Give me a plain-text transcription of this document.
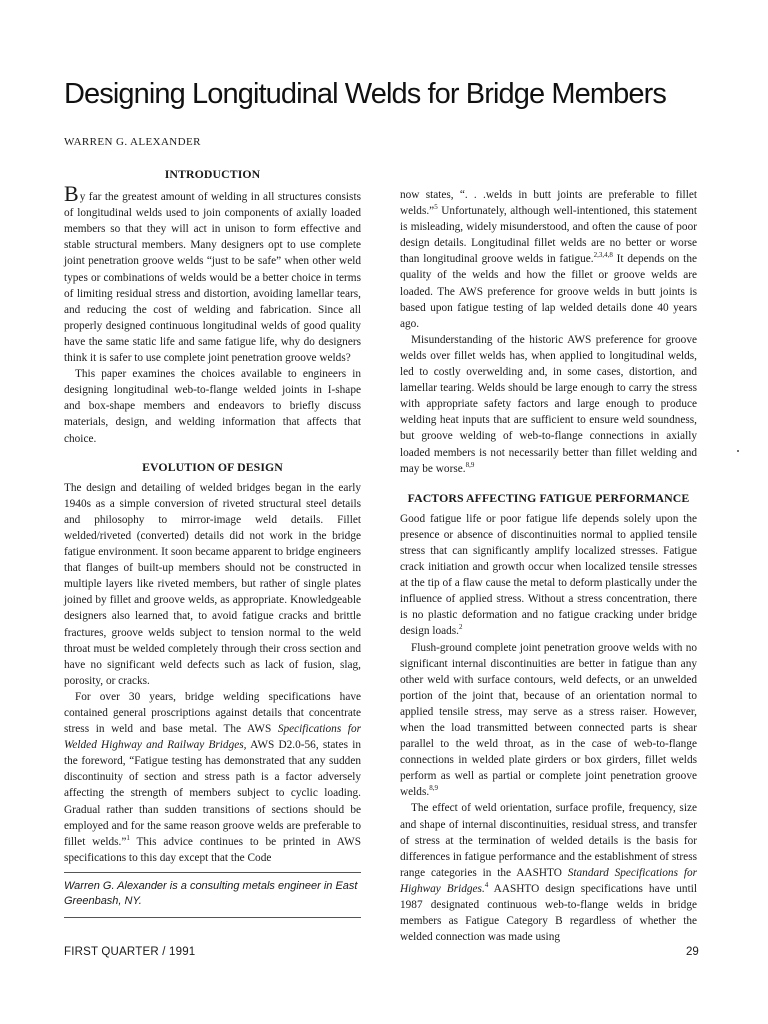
Designing Longitudinal Welds for Bridge Members
WARREN G. ALEXANDER
INTRODUCTION

By far the greatest amount of welding in all structures consists of longitudinal welds used to join components of axially loaded members so that they will act in unison to form effective and stable structural members. Many designers opt to use complete joint penetration groove welds “just to be safe” when other weld types or combinations of welds would be a better choice in terms of limiting residual stress and distortion, avoiding lamellar tears, and reducing the cost of welding and fabrication. Since all properly designed continuous longitudinal welds of good quality have the same static life and same fatigue life, why do designers think it is safer to use complete joint penetration groove welds?

This paper examines the choices available to engineers in designing longitudinal web-to-flange welded joints in I-shape and box-shape members and endeavors to briefly discuss materials, design, and welding information that affects that choice.

EVOLUTION OF DESIGN

The design and detailing of welded bridges began in the early 1940s as a simple conversion of riveted structural steel details and philosophy to mirror-image weld details. Fillet welded/riveted (converted) details did not work in the bridge fatigue environment. It soon became apparent to bridge engineers that flanges of built-up members should not be constructed in multiple layers like riveted members, but rather of single plates joined by fillet and groove welds, as appropriate. Knowledgeable designers also learned that, to avoid fatigue cracks and brittle fractures, groove welds subject to tension normal to the weld throat must be welded completely through their cross section and have no significant weld defects such as lack of fusion, slag, porosity, or cracks.

For over 30 years, bridge welding specifications have contained general proscriptions against details that concentrate stress in weld and base metal. The AWS Specifications for Welded Highway and Railway Bridges, AWS D2.0-56, states in the foreword, “Fatigue testing has demonstrated that any sudden discontinuity of section and stress path is a factor adversely affecting the strength of members subject to cyclic loading. Gradual rather than sudden transitions of sections should be employed and for the same reason groove welds are preferable to fillet welds.”$^1$ This advice continues to be printed in AWS specifications to this day except that the Code

now states, “. . .welds in butt joints are preferable to fillet welds.”$^5$ Unfortunately, although well-intentioned, this statement is misleading, widely misunderstood, and often the cause of poor design details. Longitudinal fillet welds are no better or worse than longitudinal groove welds in fatigue.$^{2,3,4,8}$ It depends on the quality of the welds and how the fillet or groove welds are loaded. The AWS preference for groove welds in butt joints is based upon fatigue testing of lap welded details done 40 years ago.

Misunderstanding of the historic AWS preference for groove welds over fillet welds has, when applied to longitudinal welds, led to costly overwelding and, in some cases, distortion, and lamellar tearing. Welds should be large enough to carry the stress with appropriate safety factors and large enough to produce welding heat inputs that are sufficient to ensure weld soundness, but groove welding of web-to-flange connections in axially loaded members is not necessarily better than fillet welding and may be worse.$^{8,9}$

FACTORS AFFECTING FATIGUE PERFORMANCE

Good fatigue life or poor fatigue life depends solely upon the presence or absence of discontinuities normal to applied tensile stress that can significantly amplify localized stresses. Fatigue crack initiation and growth occur when localized tensile stresses at the tip of a flaw cause the metal to deform plastically under the influence of applied stress. Without a stress concentration, there is no plastic deformation and no fatigue cracking under bridge design loads.$^2$

Flush-ground complete joint penetration groove welds with no significant internal discontinuities are better in fatigue than any other weld with surface contours, weld defects, or an unwelded portion of the joint that, because of an orientation normal to applied tensile stress, may serve as a stress raiser. However, when the load transmitted between connected parts is shear parallel to the weld throat, as in the case of web-to-flange connections in welded plate girders or box girders, fillet welds perform as well as partial or complete joint penetration groove welds.$^{8,9}$

The effect of weld orientation, surface profile, frequency, size and shape of internal discontinuities, residual stress, and transfer of stress at the termination of welded details is the basis for differences in fatigue performance and the establishment of stress range categories in the AASHTO Standard Specifications for Highway Bridges.$^4$ AASHTO design specifications have until 1987 designated continuous web-to-flange welds in bridge members as Fatigue Category B regardless of whether the welded connection was made using

Warren G. Alexander is a consulting metals engineer in East Greenbash, NY.
FIRST QUARTER / 1991	29
